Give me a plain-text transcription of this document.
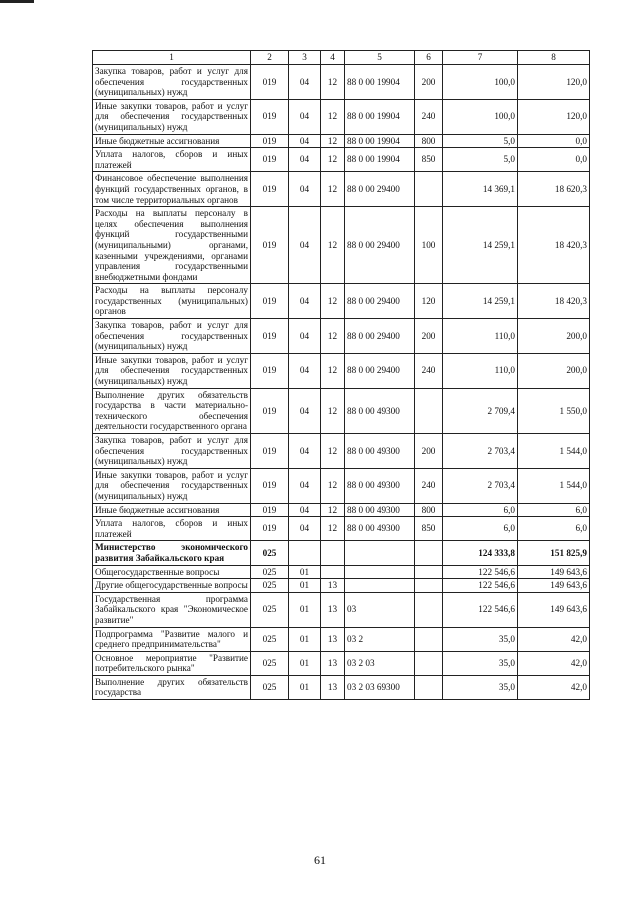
1	2	3	4	5	6	7	8
Закупка товаров, работ и услуг для обеспечения государственных (муниципальных) нужд	019	04	12	88 0 00 19904	200	100,0	120,0
Иные закупки товаров, работ и услуг для обеспечения государственных (муниципальных) нужд	019	04	12	88 0 00 19904	240	100,0	120,0
Иные бюджетные ассигнования	019	04	12	88 0 00 19904	800	5,0	0,0
Уплата налогов, сборов и иных платежей	019	04	12	88 0 00 19904	850	5,0	0,0
Финансовое обеспечение выполнения функций государственных органов, в том числе территориальных органов	019	04	12	88 0 00 29400		14 369,1	18 620,3
Расходы на выплаты персоналу в целях обеспечения выполнения функций государственными (муниципальными) органами, казенными учреждениями, органами управления государственными внебюджетными фондами	019	04	12	88 0 00 29400	100	14 259,1	18 420,3
Расходы на выплаты персоналу государственных (муниципальных) органов	019	04	12	88 0 00 29400	120	14 259,1	18 420,3
Закупка товаров, работ и услуг для обеспечения государственных (муниципальных) нужд	019	04	12	88 0 00 29400	200	110,0	200,0
Иные закупки товаров, работ и услуг для обеспечения государственных (муниципальных) нужд	019	04	12	88 0 00 29400	240	110,0	200,0
Выполнение других обязательств государства в части материально-технического обеспечения деятельности государственного органа	019	04	12	88 0 00 49300		2 709,4	1 550,0
Закупка товаров, работ и услуг для обеспечения государственных (муниципальных) нужд	019	04	12	88 0 00 49300	200	2 703,4	1 544,0
Иные закупки товаров, работ и услуг для обеспечения государственных (муниципальных) нужд	019	04	12	88 0 00 49300	240	2 703,4	1 544,0
Иные бюджетные ассигнования	019	04	12	88 0 00 49300	800	6,0	6,0
Уплата налогов, сборов и иных платежей	019	04	12	88 0 00 49300	850	6,0	6,0
Министерство экономического развития Забайкальского края	025					124 333,8	151 825,9
Общегосударственные вопросы	025	01				122 546,6	149 643,6
Другие общегосударственные вопросы	025	01	13			122 546,6	149 643,6
Государственная программа Забайкальского края "Экономическое развитие"	025	01	13	03		122 546,6	149 643,6
Подпрограмма "Развитие малого и среднего предпринимательства"	025	01	13	03 2		35,0	42,0
Основное мероприятие "Развитие потребительского рынка"	025	01	13	03 2 03		35,0	42,0
Выполнение других обязательств государства	025	01	13	03 2 03 69300		35,0	42,0
61
